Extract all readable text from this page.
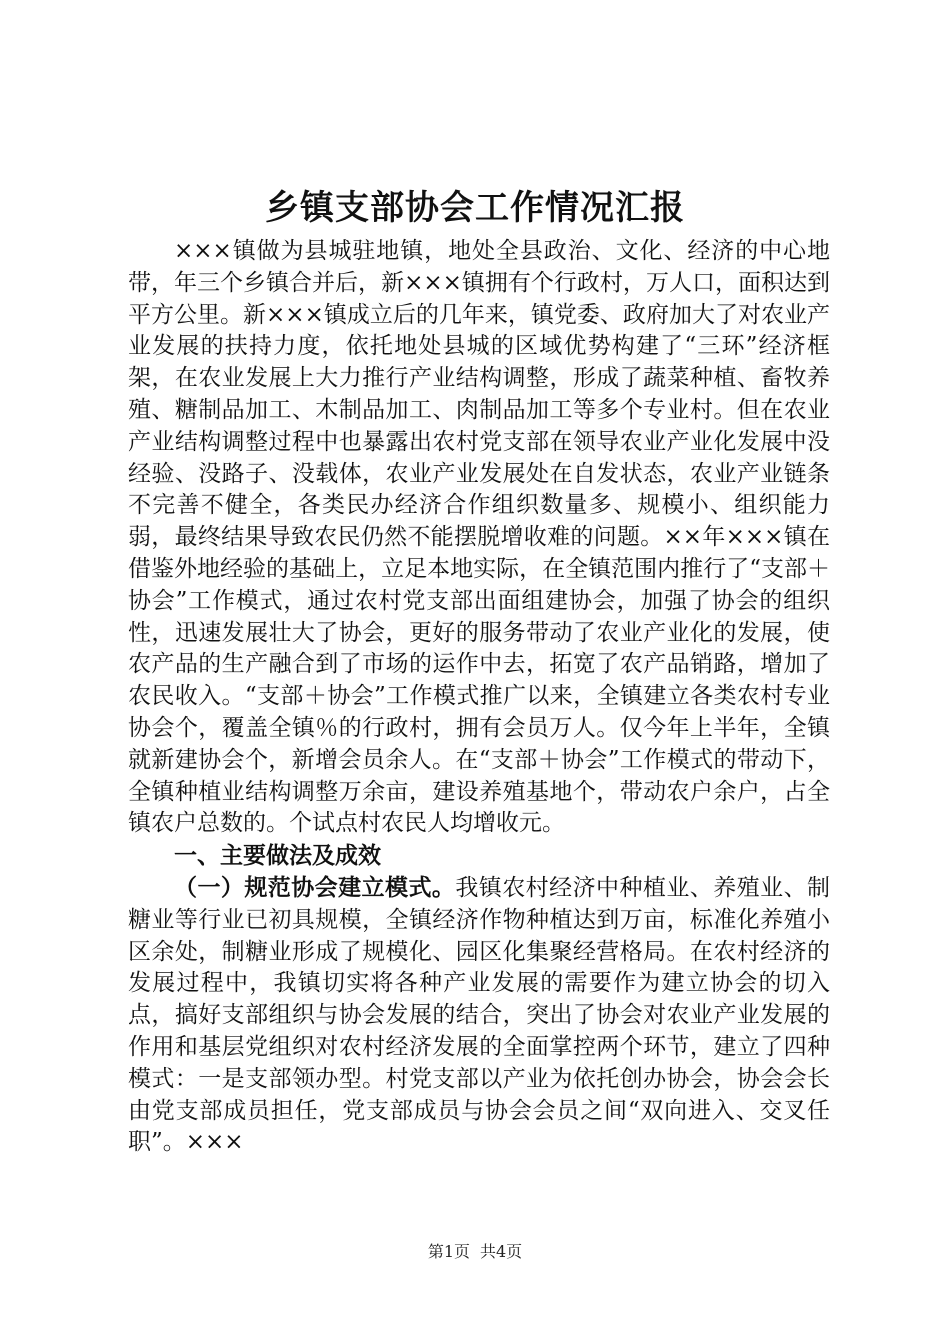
乡镇支部协会工作情况汇报

×××镇做为县城驻地镇，地处全县政治、文化、经济的中心地带，年三个乡镇合并后，新×××镇拥有个行政村，万人口，面积达到平方公里。新×××镇成立后的几年来，镇党委、政府加大了对农业产业发展的扶持力度，依托地处县城的区域优势构建了“三环”经济框架，在农业发展上大力推行产业结构调整，形成了蔬菜种植、畜牧养殖、糖制品加工、木制品加工、肉制品加工等多个专业村。但在农业产业结构调整过程中也暴露出农村党支部在领导农业产业化发展中没经验、没路子、没载体，农业产业发展处在自发状态，农业产业链条不完善不健全，各类民办经济合作组织数量多、规模小、组织能力弱，最终结果导致农民仍然不能摆脱增收难的问题。××年×××镇在借鉴外地经验的基础上，立足本地实际，在全镇范围内推行了“支部＋协会”工作模式，通过农村党支部出面组建协会，加强了协会的组织性，迅速发展壮大了协会，更好的服务带动了农业产业化的发展，使农产品的生产融合到了市场的运作中去，拓宽了农产品销路，增加了农民收入。“支部＋协会”工作模式推广以来，全镇建立各类农村专业协会个，覆盖全镇％的行政村，拥有会员万人。仅今年上半年，全镇就新建协会个，新增会员余人。在“支部＋协会”工作模式的带动下，全镇种植业结构调整万余亩，建设养殖基地个，带动农户余户，占全镇农户总数的。个试点村农民人均增收元。

一、主要做法及成效

（一）规范协会建立模式。我镇农村经济中种植业、养殖业、制糖业等行业已初具规模，全镇经济作物种植达到万亩，标准化养殖小区余处，制糖业形成了规模化、园区化集聚经营格局。在农村经济的发展过程中，我镇切实将各种产业发展的需要作为建立协会的切入点，搞好支部组织与协会发展的结合，突出了协会对农业产业发展的作用和基层党组织对农村经济发展的全面掌控两个环节，建立了四种模式：一是支部领办型。村党支部以产业为依托创办协会，协会会长由党支部成员担任，党支部成员与协会会员之间“双向进入、交叉任职”。×××

第1页 共4页
